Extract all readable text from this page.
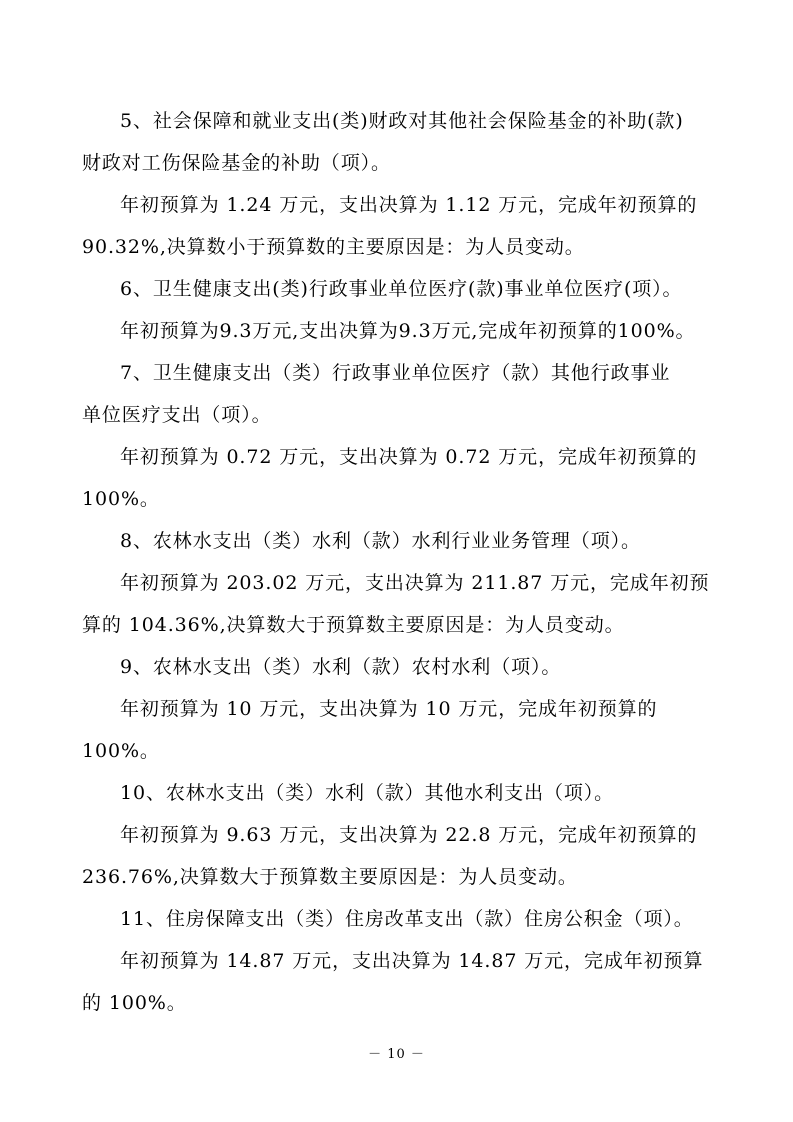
5、社会保障和就业支出(类)财政对其他社会保险基金的补助(款)
财政对工伤保险基金的补助（项）。
年初预算为 1.24 万元，支出决算为 1.12 万元，完成年初预算的
90.32%,决算数小于预算数的主要原因是：为人员变动。
6、卫生健康支出(类)行政事业单位医疗(款)事业单位医疗(项）。
年初预算为9.3万元,支出决算为9.3万元,完成年初预算的100%。
7、卫生健康支出（类）行政事业单位医疗（款）其他行政事业
单位医疗支出（项）。
年初预算为 0.72 万元，支出决算为 0.72 万元，完成年初预算的
100%。
8、农林水支出（类）水利（款）水利行业业务管理（项）。
年初预算为 203.02 万元，支出决算为 211.87 万元，完成年初预
算的 104.36%,决算数大于预算数主要原因是：为人员变动。
9、农林水支出（类）水利（款）农村水利（项）。
年初预算为 10 万元，支出决算为 10 万元，完成年初预算的
100%。
10、农林水支出（类）水利（款）其他水利支出（项）。
年初预算为 9.63 万元，支出决算为 22.8 万元，完成年初预算的
236.76%,决算数大于预算数主要原因是：为人员变动。
11、住房保障支出（类）住房改革支出（款）住房公积金（项）。
年初预算为 14.87 万元，支出决算为 14.87 万元，完成年初预算
的 100%。
－ 10 －
